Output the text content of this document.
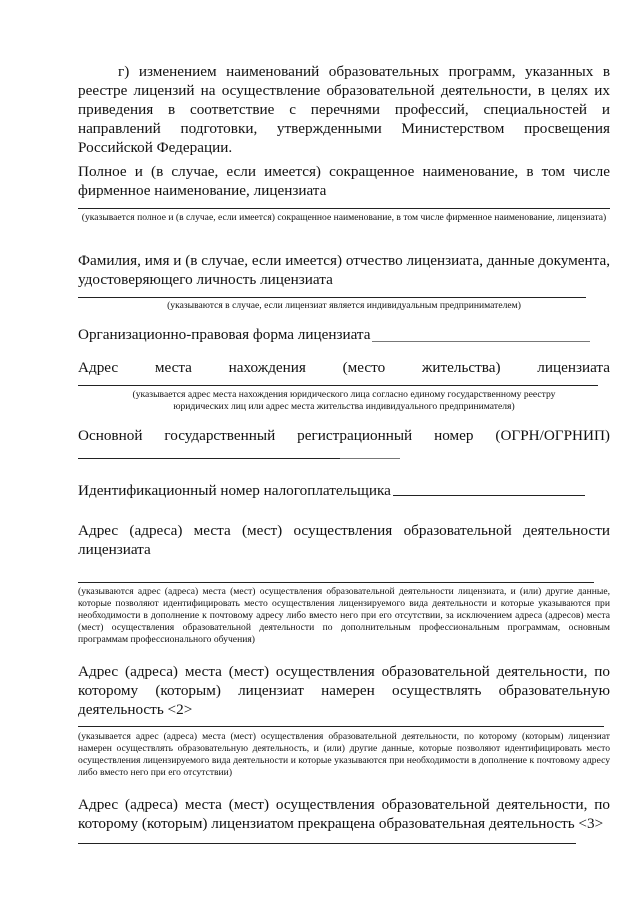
г) изменением наименований образовательных программ, указанных в реестре лицензий на осуществление образовательной деятельности, в целях их приведения в соответствие с перечнями профессий, специальностей и направлений подготовки, утвержденными Министерством просвещения Российской Федерации.

Полное и (в случае, если имеется) сокращенное наименование, в том числе фирменное наименование, лицензиата

(указывается полное и (в случае, если имеется) сокращенное наименование, в том числе фирменное наименование, лицензиата)

Фамилия, имя и (в случае, если имеется) отчество лицензиата, данные документа, удостоверяющего личность лицензиата

(указываются в случае, если лицензиат является индивидуальным предпринимателем)

Организационно-правовая форма лицензиата

Адрес места нахождения (место жительства) лицензиата

(указывается адрес места нахождения юридического лица согласно единому государственному реестру

юридических лиц или адрес места жительства индивидуального предпринимателя)

Основной государственный регистрационный номер (ОГРН/ОГРНИП)

Идентификационный номер налогоплательщика

Адрес (адреса) места (мест) осуществления образовательной деятельности лицензиата

(указываются адрес (адреса) места (мест) осуществления образовательной деятельности лицензиата, и (или) другие данные, которые позволяют идентифицировать место осуществления лицензируемого вида деятельности и которые указываются при необходимости в дополнение к почтовому адресу либо вместо него при его отсутствии, за исключением адреса (адресов) места (мест) осуществления образовательной деятельности по дополнительным профессиональным программам, основным программам профессионального обучения)

Адрес (адреса) места (мест) осуществления образовательной деятельности, по которому (которым) лицензиат намерен осуществлять образовательную деятельность <2>

(указывается адрес (адреса) места (мест) осуществления образовательной деятельности, по которому (которым) лицензиат намерен осуществлять образовательную деятельность, и (или) другие данные, которые позволяют идентифицировать место осуществления лицензируемого вида деятельности и которые указываются при необходимости в дополнение к почтовому адресу либо вместо него при его отсутствии)

Адрес (адреса) места (мест) осуществления образовательной деятельности, по которому (которым) лицензиатом прекращена образовательная деятельность <3>
